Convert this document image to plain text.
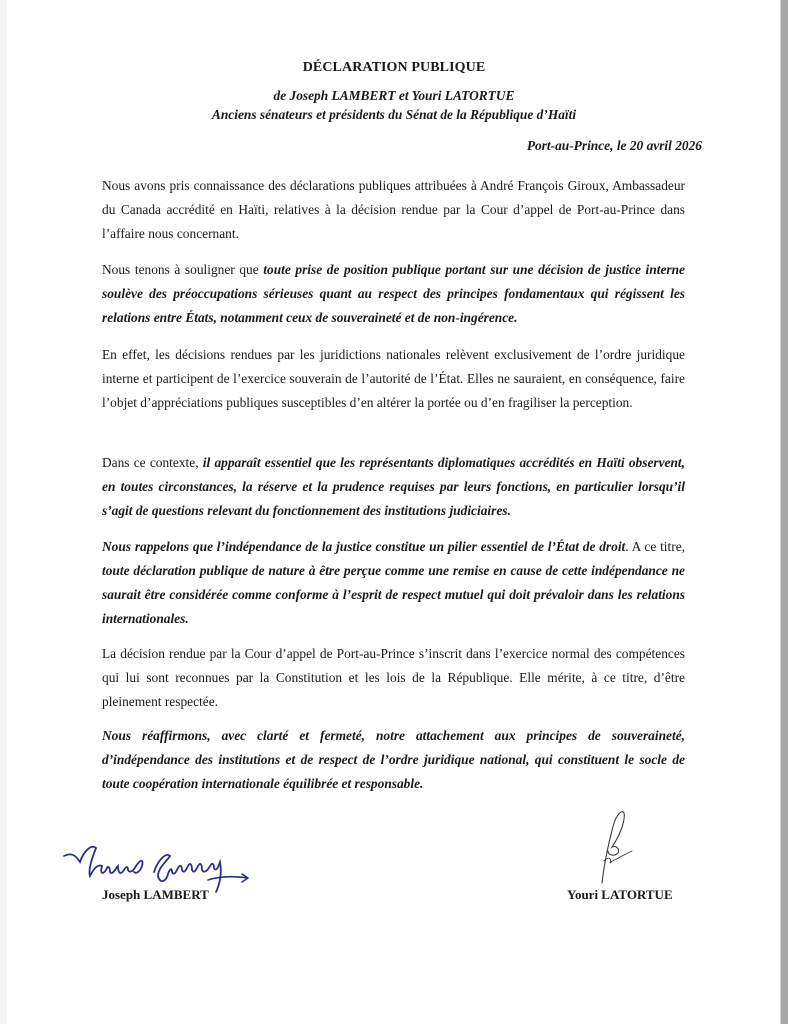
DÉCLARATION PUBLIQUE
de Joseph LAMBERT et Youri LATORTUE
Anciens sénateurs et présidents du Sénat de la République d’Haïti
Port-au-Prince, le 20 avril 2026
Nous avons pris connaissance des déclarations publiques attribuées à André François Giroux, Ambassadeur du Canada accrédité en Haïti, relatives à la décision rendue par la Cour d’appel de Port-au-Prince dans l’affaire nous concernant.
Nous tenons à souligner que toute prise de position publique portant sur une décision de justice interne soulève des préoccupations sérieuses quant au respect des principes fondamentaux qui régissent les relations entre États, notamment ceux de souveraineté et de non-ingérence.
En effet, les décisions rendues par les juridictions nationales relèvent exclusivement de l’ordre juridique interne et participent de l’exercice souverain de l’autorité de l’État. Elles ne sauraient, en conséquence, faire l’objet d’appréciations publiques susceptibles d’en altérer la portée ou d’en fragiliser la perception.
Dans ce contexte, il apparaît essentiel que les représentants diplomatiques accrédités en Haïti observent, en toutes circonstances, la réserve et la prudence requises par leurs fonctions, en particulier lorsqu’il s’agit de questions relevant du fonctionnement des institutions judiciaires.
Nous rappelons que l’indépendance de la justice constitue un pilier essentiel de l’État de droit. A ce titre, toute déclaration publique de nature à être perçue comme une remise en cause de cette indépendance ne saurait être considérée comme conforme à l’esprit de respect mutuel qui doit prévaloir dans les relations internationales.
La décision rendue par la Cour d’appel de Port-au-Prince s’inscrit dans l’exercice normal des compétences qui lui sont reconnues par la Constitution et les lois de la République. Elle mérite, à ce titre, d’être pleinement respectée.
Nous réaffirmons, avec clarté et fermeté, notre attachement aux principes de souveraineté, d’indépendance des institutions et de respect de l’ordre juridique national, qui constituent le socle de toute coopération internationale équilibrée et responsable.
Joseph LAMBERT	Youri LATORTUE
